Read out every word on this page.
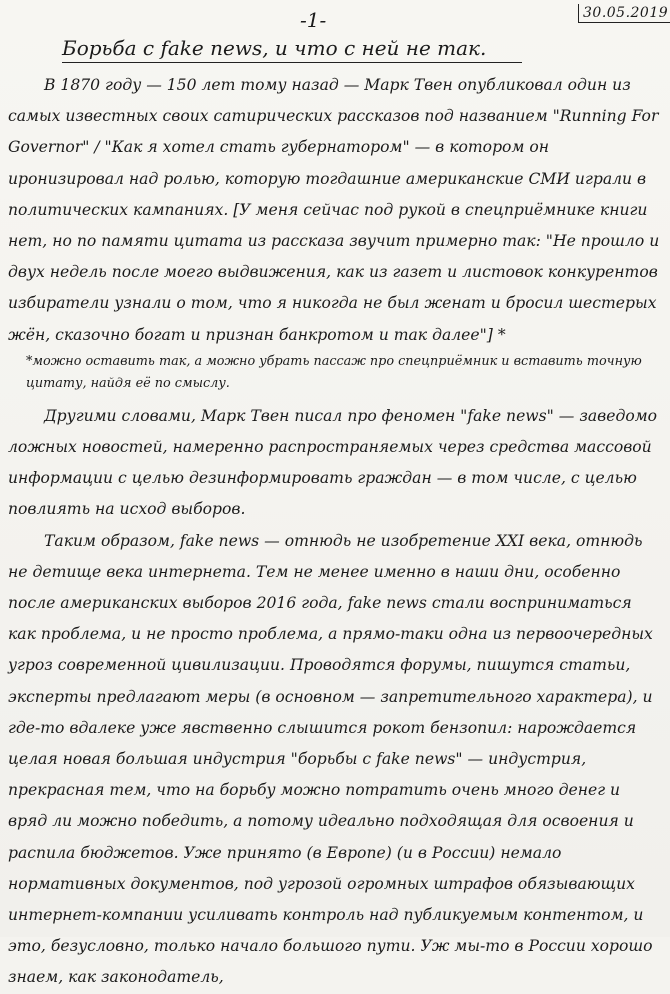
-1-	30.05.2019
Борьба с fake news, и что с ней не так.

В 1870 году — 150 лет тому назад — Марк Твен опубликовал один из самых известных своих сатирических рассказов под названием "Running For Governor" / "Как я хотел стать губернатором" — в котором он иронизировал над ролью, которую тогдашние американские СМИ играли в политических кампаниях. [У меня сейчас под рукой в спецприёмнике книги нет, но по памяти цитата из рассказа звучит примерно так: "Не прошло и двух недель после моего выдвижения, как из газет и листовок конкурентов избиратели узнали о том, что я никогда не был женат и бросил шестерых жён, сказочно богат и признан банкротом и так далее"] *

*можно оставить так, а можно убрать пассаж про спецприёмник и вставить точную цитату, найдя её по смыслу.

Другими словами, Марк Твен писал про феномен "fake news" — заведомо ложных новостей, намеренно распространяемых через средства массовой информации с целью дезинформировать граждан — в том числе, с целью повлиять на исход выборов.

Таким образом, fake news — отнюдь не изобретение XXI века, отнюдь не детище века интернета. Тем не менее именно в наши дни, особенно после американских выборов 2016 года, fake news стали восприниматься как проблема, и не просто проблема, а прямо-таки одна из первоочередных угроз современной цивилизации. Проводятся форумы, пишутся статьи, эксперты предлагают меры (в основном — запретительного характера), и где-то вдалеке уже явственно слышится рокот бензопил: нарождается целая новая большая индустрия "борьбы с fake news" — индустрия, прекрасная тем, что на борьбу можно потратить очень много денег и вряд ли можно победить, а потому идеально подходящая для освоения и распила бюджетов. Уже принято (в Европе) (и в России) немало нормативных документов, под угрозой огромных штрафов обязывающих интернет-компании усиливать контроль над публикуемым контентом, и это, безусловно, только начало большого пути. Уж мы-то в России хорошо знаем, как законодатель,
